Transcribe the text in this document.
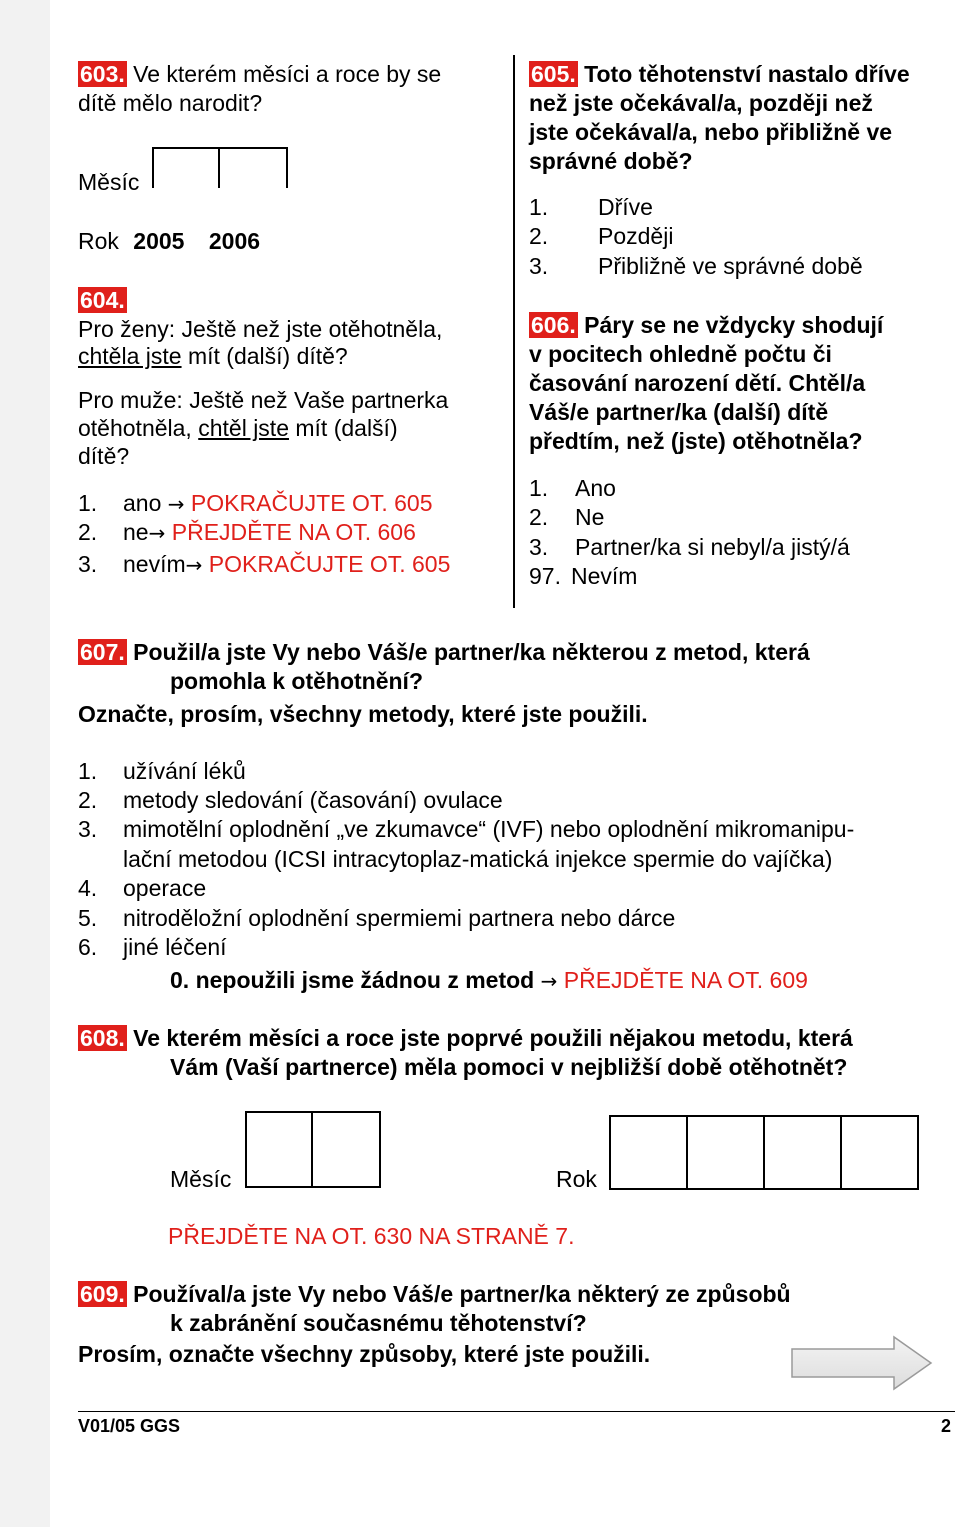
603. Ve kterém měsíci a roce by se
dítě mělo narodit?
Měsíc
Rok 2005 2006
604.
Pro ženy: Ještě než jste otěhotněla,
chtěla jste mít (další) dítě?
Pro muže: Ještě než Vaše partnerka
otěhotněla, chtěl jste mít (další)
dítě?
1. ano → POKRAČUJTE OT. 605
2. ne→ PŘEJDĚTE NA OT. 606
3. nevím→ POKRAČUJTE OT. 605
605. Toto těhotenství nastalo dříve
než jste očekával/a, později než
jste očekával/a, nebo přibližně ve
správné době?
1. Dříve
2. Později
3. Přibližně ve správné době
606. Páry se ne vždycky shodují
v pocitech ohledně počtu či
časování narození dětí. Chtěl/a
Váš/e partner/ka (další) dítě
předtím, než (jste) otěhotněla?
1. Ano
2. Ne
3. Partner/ka si nebyl/a jistý/á
97. Nevím
607. Použil/a jste Vy nebo Váš/e partner/ka některou z metod, která
pomohla k otěhotnění?
Označte, prosím, všechny metody, které jste použili.
1. užívání léků
2. metody sledování (časování) ovulace
3. mimotělní oplodnění „ve zkumavce“ (IVF) nebo oplodnění mikromanipu-
lační metodou (ICSI intracytoplaz-matická injekce spermie do vajíčka)
4. operace
5. nitroděložní oplodnění spermiemi partnera nebo dárce
6. jiné léčení
0. nepoužili jsme žádnou z metod → PŘEJDĚTE NA OT. 609
608. Ve kterém měsíci a roce jste poprvé použili nějakou metodu, která
Vám (Vaší partnerce) měla pomoci v nejbližší době otěhotnět?
Měsíc	Rok
PŘEJDĚTE NA OT. 630 NA STRANĚ 7.
609. Používal/a jste Vy nebo Váš/e partner/ka některý ze způsobů
k zabránění současnému těhotenství?
Prosím, označte všechny způsoby, které jste použili.
V01/05 GGS	2
